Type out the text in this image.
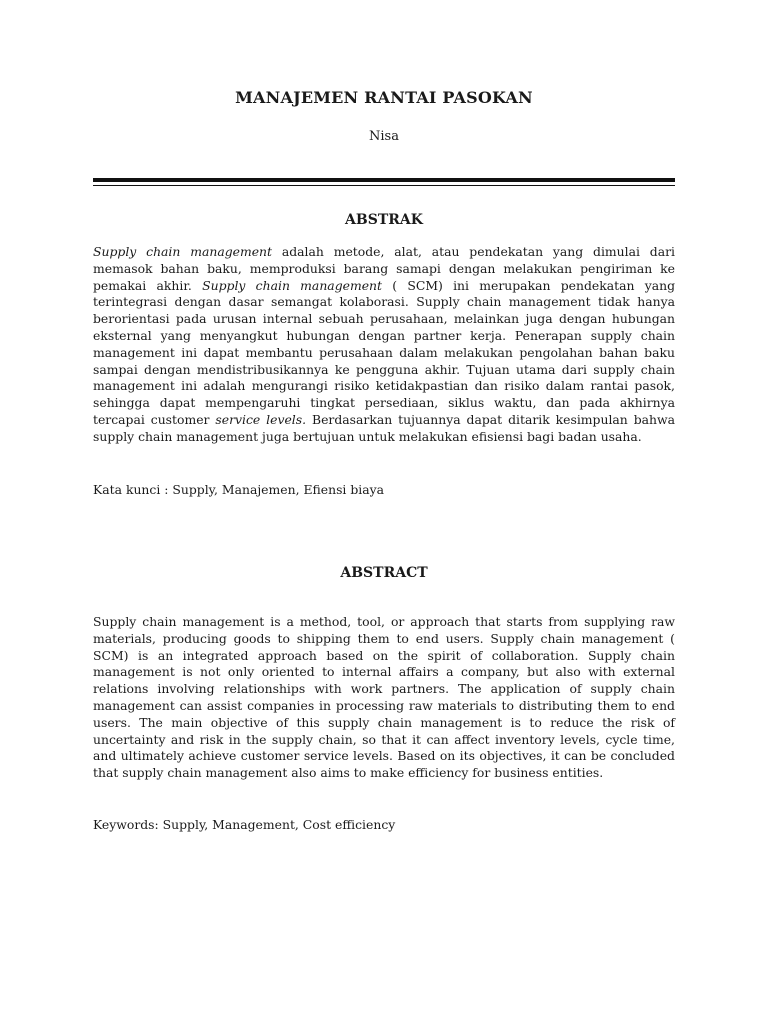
MANAJEMEN RANTAI PASOKAN
Nisa
ABSTRAK

Supply chain management adalah metode, alat, atau pendekatan yang dimulai dari memasok bahan baku, memproduksi barang samapi dengan melakukan pengiriman ke pemakai akhir. Supply chain management ( SCM) ini merupakan pendekatan yang terintegrasi dengan dasar semangat kolaborasi. Supply chain management tidak hanya berorientasi pada urusan internal sebuah perusahaan, melainkan juga dengan hubungan eksternal yang menyangkut hubungan dengan partner kerja. Penerapan supply chain management ini dapat membantu perusahaan dalam melakukan pengolahan bahan baku sampai dengan mendistribusikannya ke pengguna akhir. Tujuan utama dari supply chain management ini adalah mengurangi risiko ketidakpastian dan risiko dalam rantai pasok, sehingga dapat mempengaruhi tingkat persediaan, siklus waktu, dan pada akhirnya tercapai customer service levels. Berdasarkan tujuannya dapat ditarik kesimpulan bahwa supply chain management juga bertujuan untuk melakukan efisiensi bagi badan usaha.

Kata kunci : Supply, Manajemen, Efiensi biaya

ABSTRACT

Supply chain management is a method, tool, or approach that starts from supplying raw materials, producing goods to shipping them to end users. Supply chain management ( SCM) is an integrated approach based on the spirit of collaboration. Supply chain management is not only oriented to internal affairs a company, but also with external relations involving relationships with work partners. The application of supply chain management can assist companies in processing raw materials to distributing them to end users. The main objective of this supply chain management is to reduce the risk of uncertainty and risk in the supply chain, so that it can affect inventory levels, cycle time, and ultimately achieve customer service levels. Based on its objectives, it can be concluded that supply chain management also aims to make efficiency for business entities.

Keywords: Supply, Management, Cost efficiency
